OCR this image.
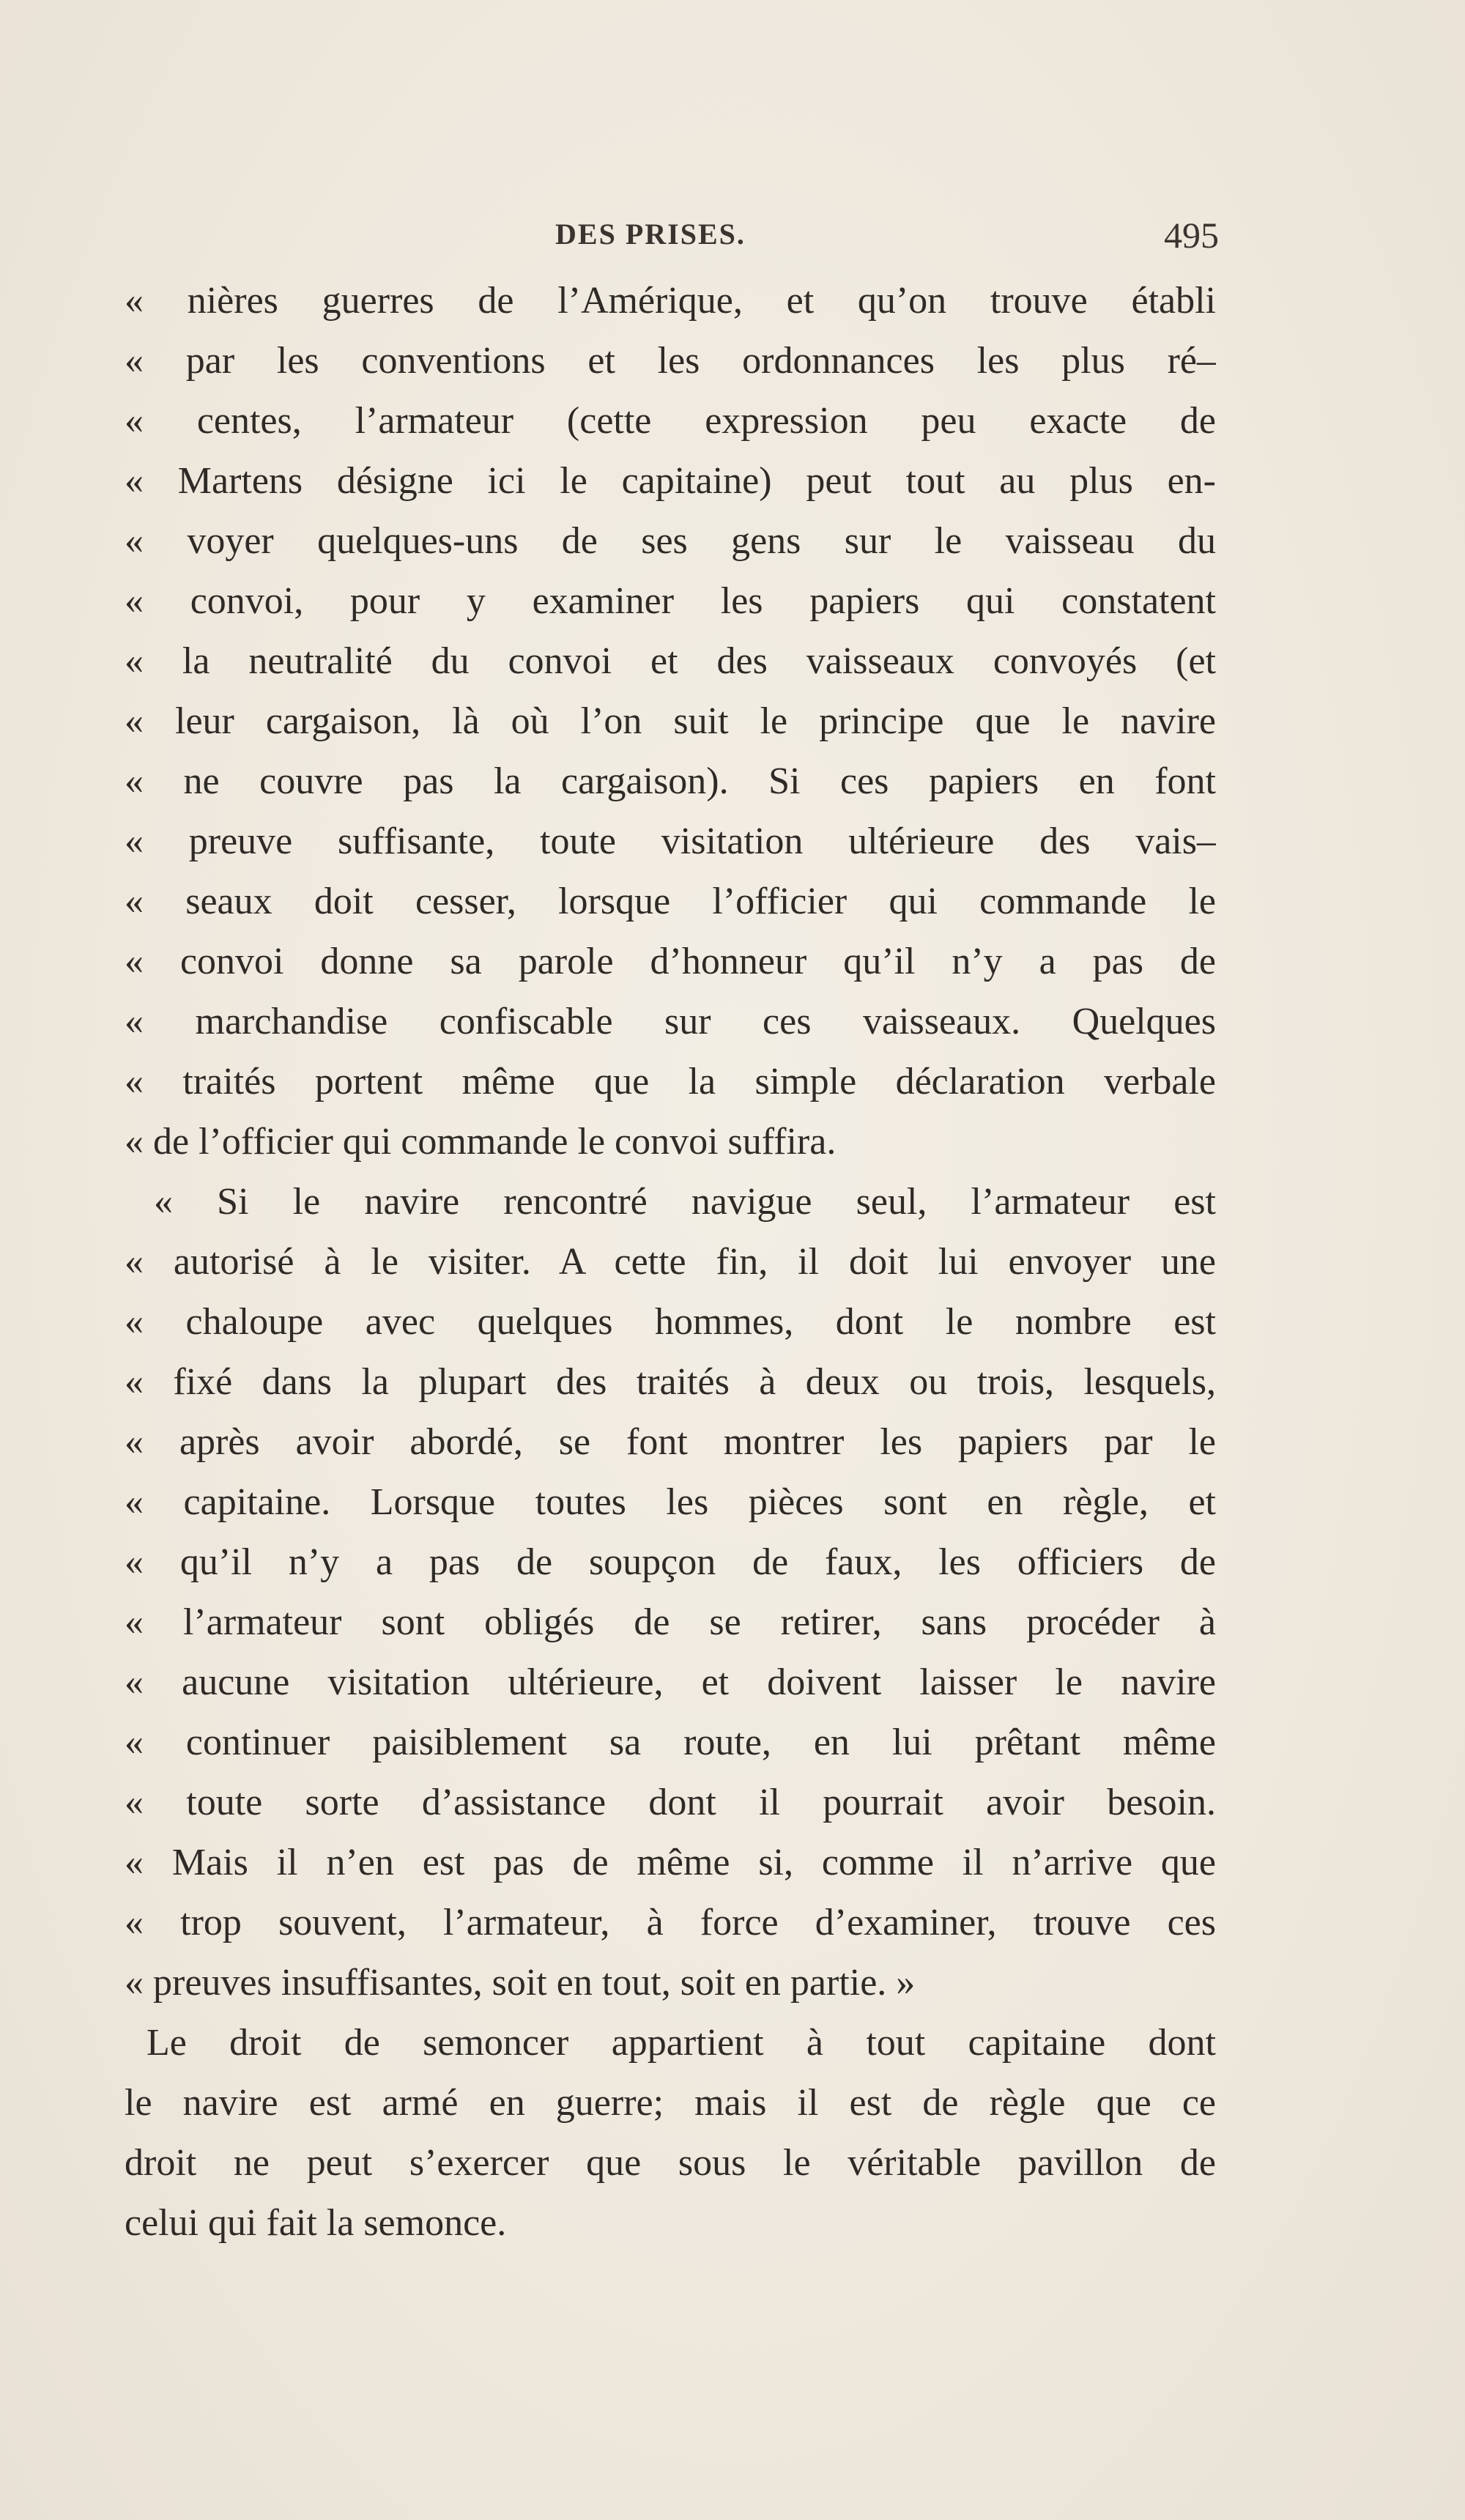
DES PRISES.	495
« nières guerres de l’Amérique, et qu’on trouve établi
« par les conventions et les ordonnances les plus ré–
« centes, l’armateur (cette expression peu exacte de
« Martens désigne ici le capitaine) peut tout au plus en-
« voyer quelques-uns de ses gens sur le vaisseau du
« convoi, pour y examiner les papiers qui constatent
« la neutralité du convoi et des vaisseaux convoyés (et
« leur cargaison, là où l’on suit le principe que le navire
« ne couvre pas la cargaison). Si ces papiers en font
« preuve suffisante, toute visitation ultérieure des vais–
« seaux doit cesser, lorsque l’officier qui commande le
« convoi donne sa parole d’honneur qu’il n’y a pas de
« marchandise confiscable sur ces vaisseaux. Quelques
« traités portent même que la simple déclaration verbale
« de l’officier qui commande le convoi suffira.
« Si le navire rencontré navigue seul, l’armateur est
« autorisé à le visiter. A cette fin, il doit lui envoyer une
« chaloupe avec quelques hommes, dont le nombre est
« fixé dans la plupart des traités à deux ou trois, lesquels,
« après avoir abordé, se font montrer les papiers par le
« capitaine. Lorsque toutes les pièces sont en règle, et
« qu’il n’y a pas de soupçon de faux, les officiers de
« l’armateur sont obligés de se retirer, sans procéder à
« aucune visitation ultérieure, et doivent laisser le navire
« continuer paisiblement sa route, en lui prêtant même
« toute sorte d’assistance dont il pourrait avoir besoin.
« Mais il n’en est pas de même si, comme il n’arrive que
« trop souvent, l’armateur, à force d’examiner, trouve ces
« preuves insuffisantes, soit en tout, soit en partie. »
Le droit de semoncer appartient à tout capitaine dont
le navire est armé en guerre; mais il est de règle que ce
droit ne peut s’exercer que sous le véritable pavillon de
celui qui fait la semonce.
